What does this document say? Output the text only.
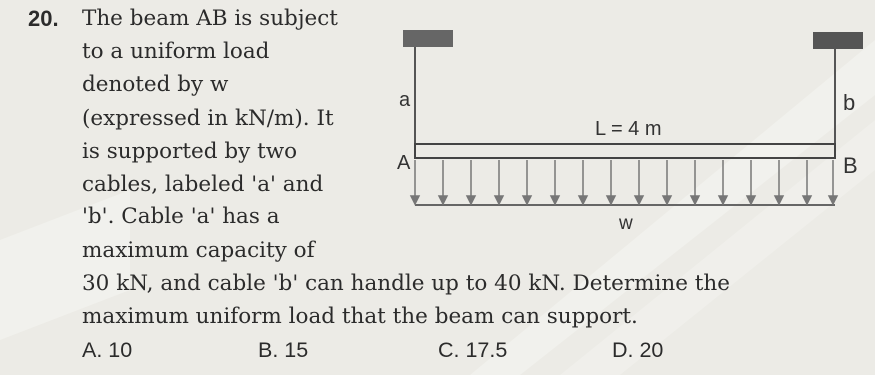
20. The beam AB is subject
to a uniform load
denoted by w
(expressed in kN/m). It
is supported by two
cables, labeled 'a' and
'b'. Cable 'a' has a
maximum capacity of
30 kN, and cable 'b' can handle up to 40 kN. Determine the
maximum uniform load that the beam can support.
A. 10	B. 15	C. 17.5	D. 20
a	b
A	B
L = 4 m
w
